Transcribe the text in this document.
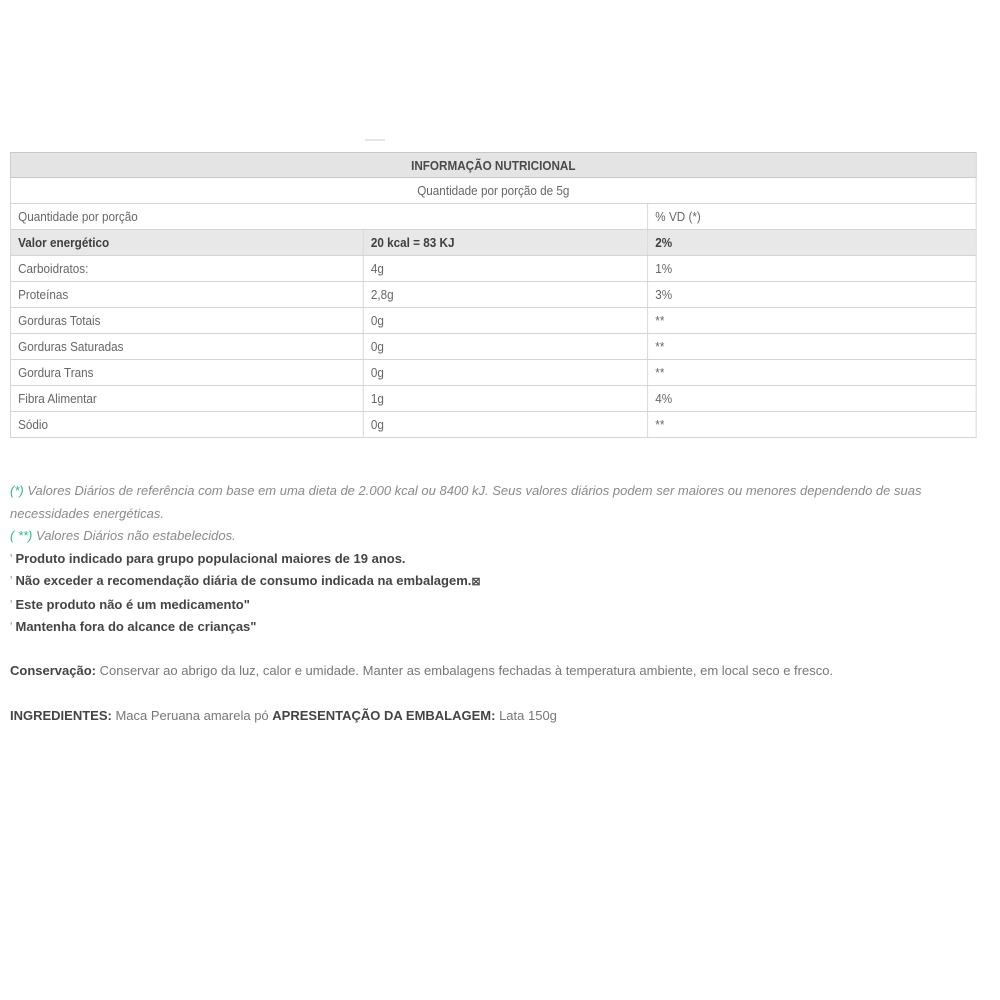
INFORMAÇÃO NUTRICIONAL		
Quantidade por porção de 5g		
Quantidade por porção		% VD (*)
Valor energético	20 kcal = 83 KJ	2%
Carboidratos:	4g	1%
Proteínas	2,8g	3%
Gorduras Totais	0g	**
Gorduras Saturadas	0g	**
Gordura Trans	0g	**
Fibra Alimentar	1g	4%
Sódio	0g	**

(*) Valores Diários de referência com base em uma dieta de 2.000 kcal ou 8400 kJ. Seus valores diários podem ser maiores ou menores dependendo de suas necessidades energéticas.

( **) Valores Diários não estabelecidos.

' Produto indicado para grupo populacional maiores de 19 anos.

' Não exceder a recomendação diária de consumo indicada na embalagem.⊠

' Este produto não é um medicamento"

' Mantenha fora do alcance de crianças"

Conservação: Conservar ao abrigo da luz, calor e umidade. Manter as embalagens fechadas à temperatura ambiente, em local seco e fresco.
INGREDIENTES: Maca Peruana amarela pó APRESENTAÇÃO DA EMBALAGEM: Lata 150g
